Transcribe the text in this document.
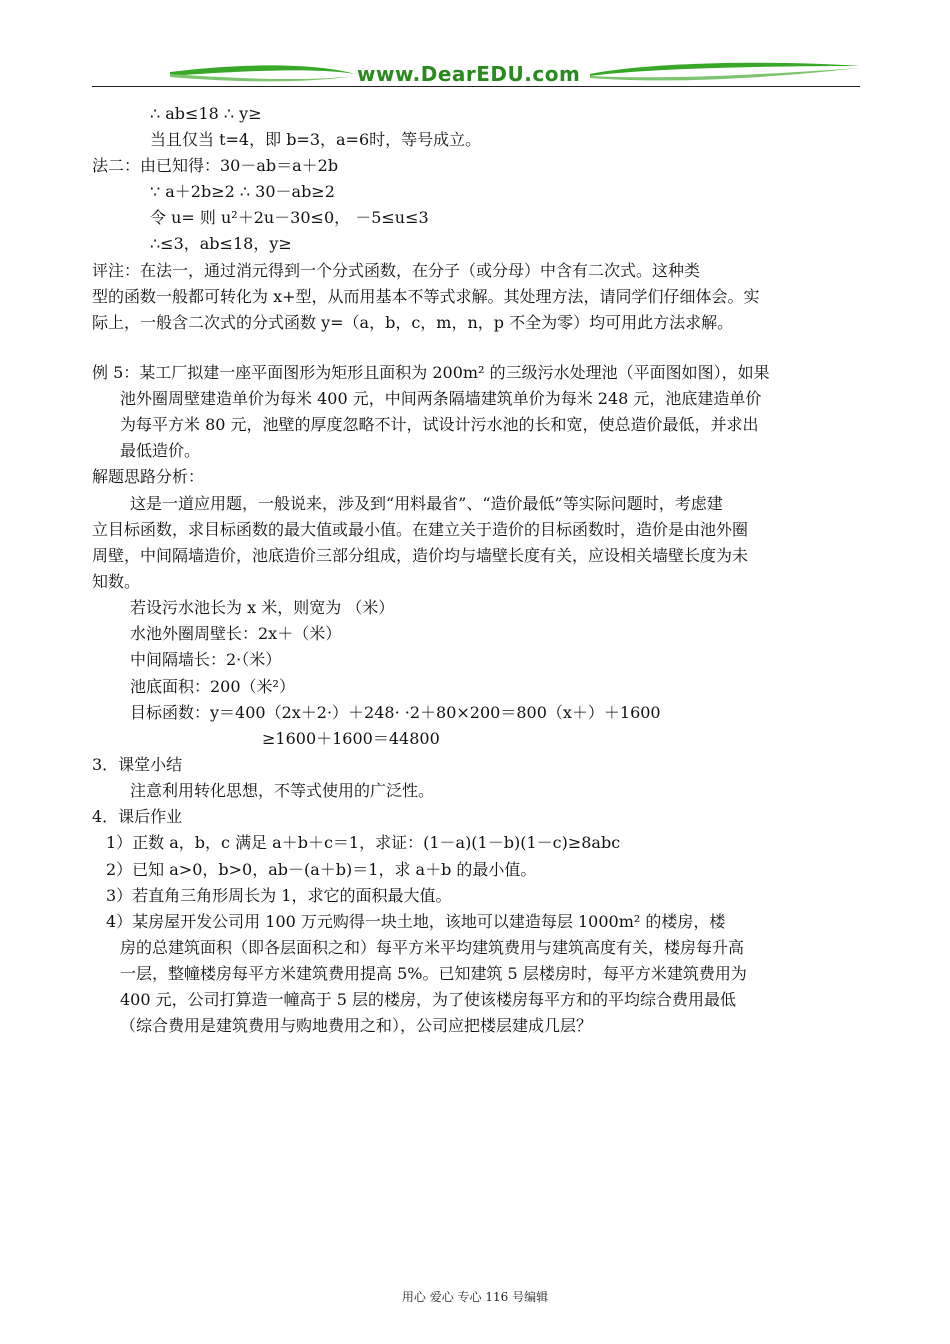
www.DearEDU.com
∴ ab≤18 ∴ y≥
当且仅当 t=4，即 b=3，a=6时，等号成立。
法二：由已知得：30－ab＝a＋2b
∵ a＋2b≥2 ∴ 30－ab≥2
令 u= 则 u²＋2u－30≤0， －5≤u≤3
∴≤3，ab≤18，y≥
评注：在法一，通过消元得到一个分式函数，在分子（或分母）中含有二次式。这种类
型的函数一般都可转化为 x+型，从而用基本不等式求解。其处理方法，请同学们仔细体会。实
际上，一般含二次式的分式函数 y=（a，b，c，m，n，p 不全为零）均可用此方法求解。
例 5：某工厂拟建一座平面图形为矩形且面积为 200m² 的三级污水处理池（平面图如图），如果
池外圈周壁建造单价为每米 400 元，中间两条隔墙建筑单价为每米 248 元，池底建造单价
为每平方米 80 元，池壁的厚度忽略不计，试设计污水池的长和宽，使总造价最低，并求出
最低造价。
解题思路分析：
这是一道应用题，一般说来，涉及到“用料最省”、“造价最低”等实际问题时，考虑建
立目标函数，求目标函数的最大值或最小值。在建立关于造价的目标函数时，造价是由池外圈
周壁，中间隔墙造价，池底造价三部分组成，造价均与墙壁长度有关，应设相关墙壁长度为未
知数。
若设污水池长为 x 米，则宽为 （米）
水池外圈周壁长：2x＋（米）
中间隔墙长：2·（米）
池底面积：200（米²）
目标函数：y＝400（2x＋2·）＋248· ·2＋80×200＝800（x＋）＋1600
≥1600＋1600＝44800
3．课堂小结
注意利用转化思想，不等式使用的广泛性。
4．课后作业
1）正数 a，b，c 满足 a＋b＋c＝1，求证：(1－a)(1－b)(1－c)≥8abc
2）已知 a>0，b>0，ab－(a＋b)＝1，求 a＋b 的最小值。
3）若直角三角形周长为 1，求它的面积最大值。
4）某房屋开发公司用 100 万元购得一块土地，该地可以建造每层 1000m² 的楼房，楼
房的总建筑面积（即各层面积之和）每平方米平均建筑费用与建筑高度有关，楼房每升高
一层，整幢楼房每平方米建筑费用提高 5%。已知建筑 5 层楼房时，每平方米建筑费用为
400 元，公司打算造一幢高于 5 层的楼房，为了使该楼房每平方和的平均综合费用最低
（综合费用是建筑费用与购地费用之和），公司应把楼层建成几层？
用心 爱心 专心 116 号编辑
